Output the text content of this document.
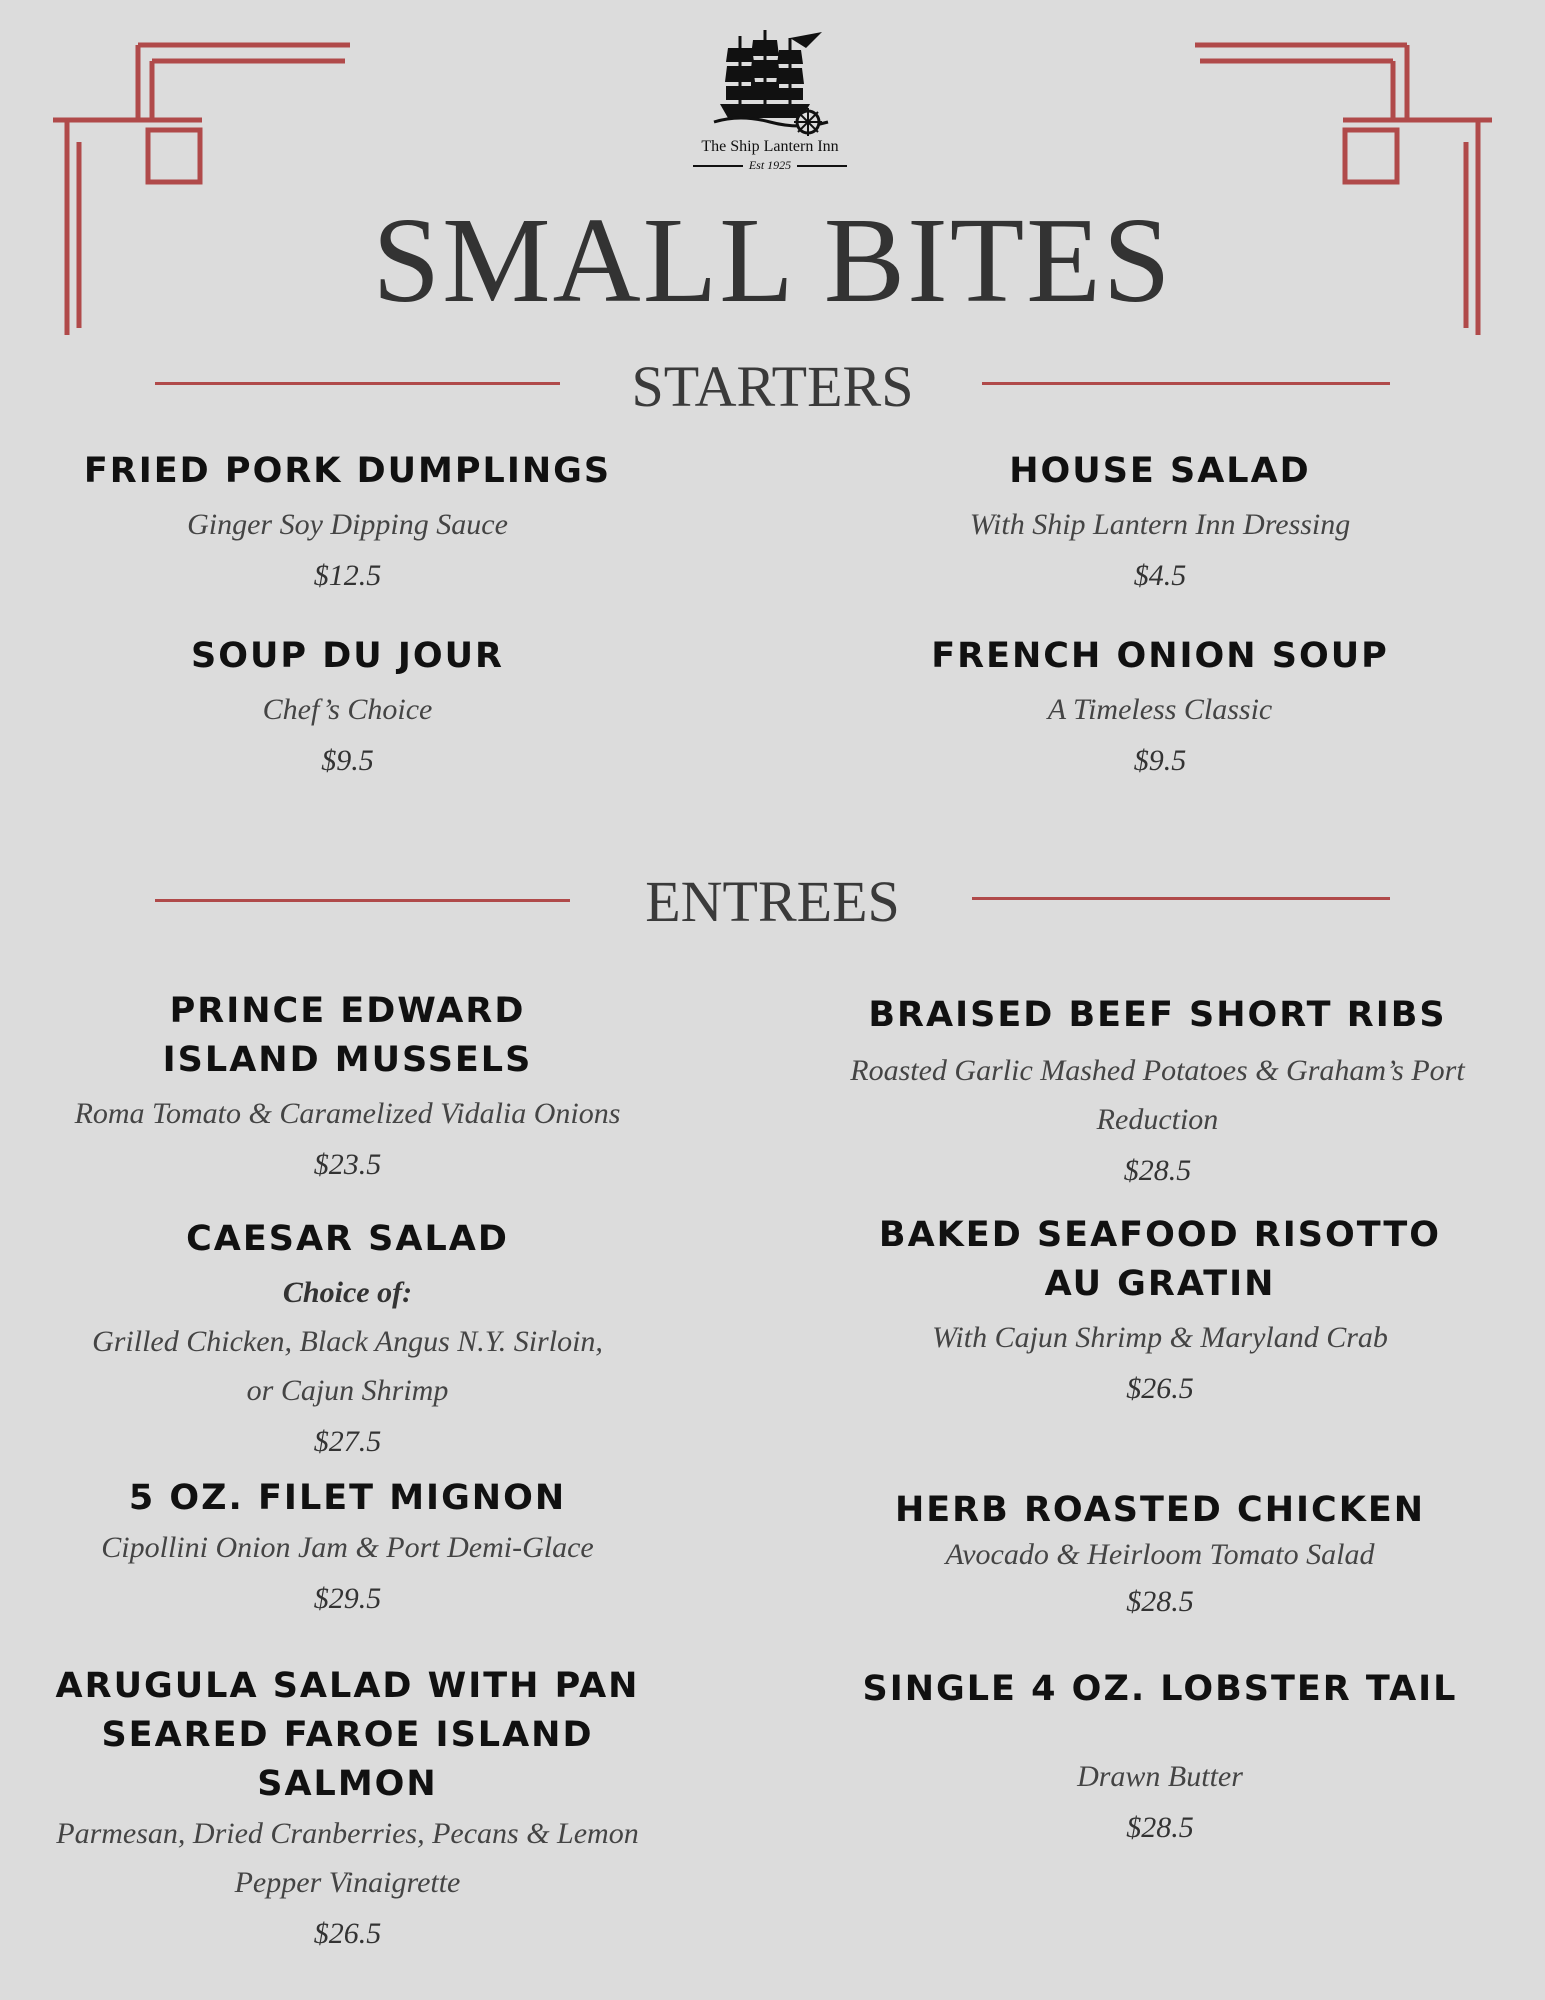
The Ship Lantern Inn
Est 1925
SMALL BITES
STARTERS
FRIED PORK DUMPLINGS
Ginger Soy Dipping Sauce
$12.5
HOUSE SALAD
With Ship Lantern Inn Dressing
$4.5
SOUP DU JOUR
Chef’s Choice
$9.5
FRENCH ONION SOUP
A Timeless Classic
$9.5
ENTREES
PRINCE EDWARD ISLAND MUSSELS
Roma Tomato & Caramelized Vidalia Onions
$23.5
CAESAR SALAD
Choice of:
Grilled Chicken, Black Angus N.Y. Sirloin, or Cajun Shrimp
$27.5
5 OZ. FILET MIGNON
Cipollini Onion Jam & Port Demi-Glace
$29.5
ARUGULA SALAD WITH PAN SEARED FAROE ISLAND SALMON
Parmesan, Dried Cranberries, Pecans & Lemon Pepper Vinaigrette
$26.5
BRAISED BEEF SHORT RIBS
Roasted Garlic Mashed Potatoes & Graham’s Port Reduction
$28.5
BAKED SEAFOOD RISOTTO AU GRATIN
With Cajun Shrimp & Maryland Crab
$26.5
HERB ROASTED CHICKEN
Avocado & Heirloom Tomato Salad
$28.5
SINGLE 4 OZ. LOBSTER TAIL
Drawn Butter
$28.5
